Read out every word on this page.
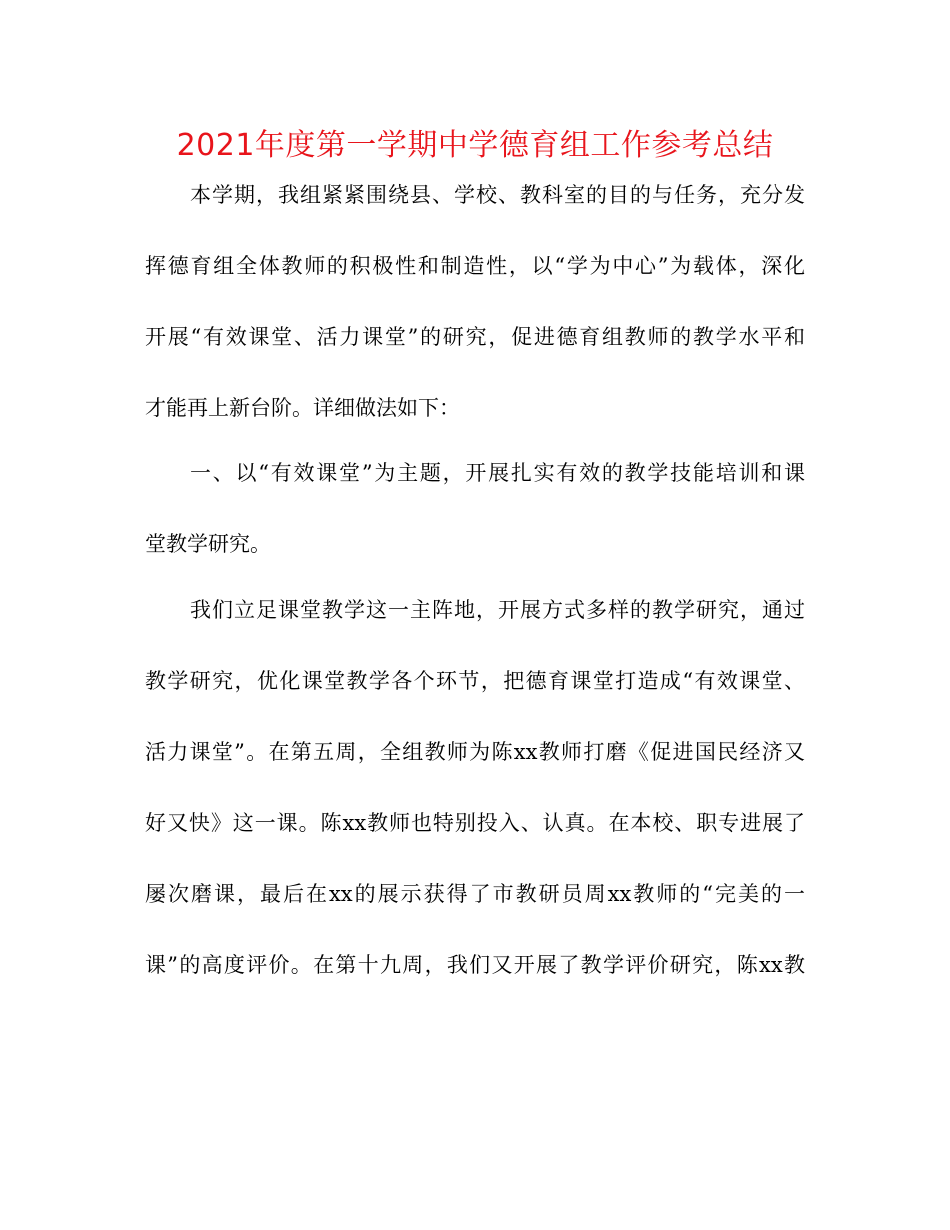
2021年度第一学期中学德育组工作参考总结
本学期，我组紧紧围绕县、学校、教科室的目的与任务，充分发
挥德育组全体教师的积极性和制造性，以“学为中心”为载体，深化
开展“有效课堂、活力课堂”的研究，促进德育组教师的教学水平和
才能再上新台阶。详细做法如下：
一、以“有效课堂”为主题，开展扎实有效的教学技能培训和课
堂教学研究。
我们立足课堂教学这一主阵地，开展方式多样的教学研究，通过
教学研究，优化课堂教学各个环节，把德育课堂打造成“有效课堂、
活力课堂”。在第五周，全组教师为陈xx教师打磨《促进国民经济又
好又快》这一课。陈xx教师也特别投入、认真。在本校、职专进展了
屡次磨课，最后在xx的展示获得了市教研员周xx教师的“完美的一
课”的高度评价。在第十九周，我们又开展了教学评价研究，陈xx教
